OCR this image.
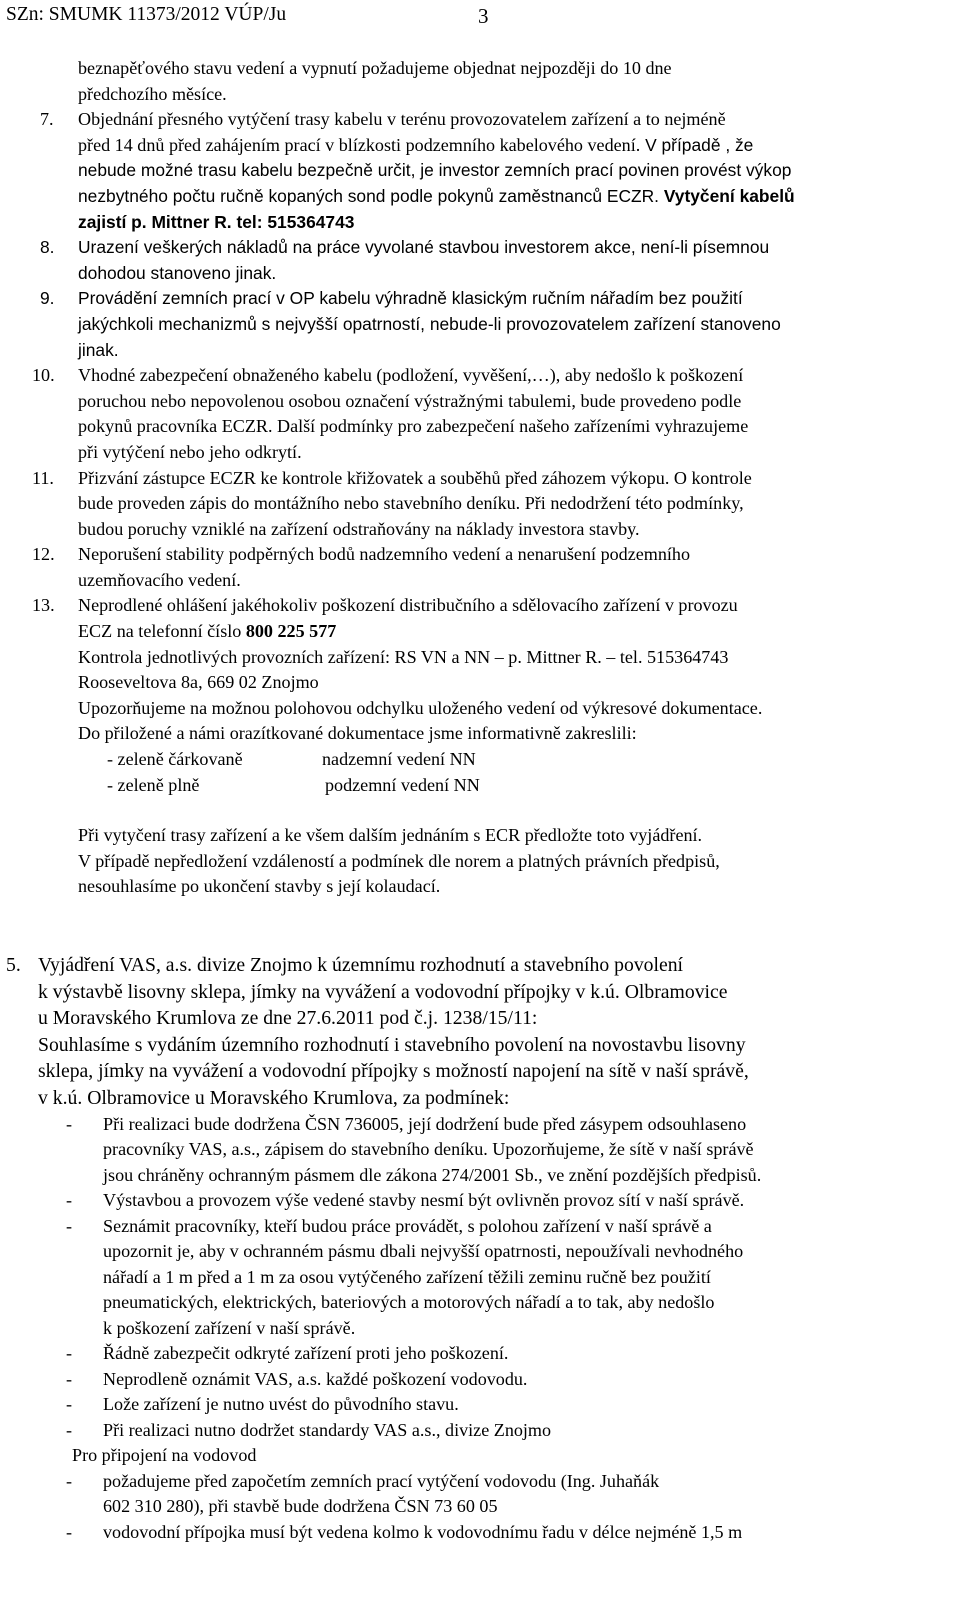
SZn: SMUMK 11373/2012 VÚP/Ju	3
beznapěťového stavu vedení a vypnutí požadujeme objednat nejpozději do 10 dne
předchozího měsíce.
7. Objednání přesného vytýčení trasy kabelu v terénu provozovatelem zařízení a to nejméně
před 14 dnů před zahájením prací v blízkosti podzemního kabelového vedení. V případě , že
nebude možné trasu kabelu bezpečně určit, je investor zemních prací povinen provést výkop
nezbytného počtu ručně kopaných sond podle pokynů zaměstnanců ECZR. Vytyčení kabelů
zajistí p. Mittner R. tel: 515364743
8. Urazení veškerých nákladů na práce vyvolané stavbou investorem akce, není-li písemnou
dohodou stanoveno jinak.
9. Provádění zemních prací v OP kabelu výhradně klasickým ručním nářadím bez použití
jakýchkoli mechanizmů s nejvyšší opatrností, nebude-li provozovatelem zařízení stanoveno
jinak.
10. Vhodné zabezpečení obnaženého kabelu (podložení, vyvěšení,…), aby nedošlo k poškození
poruchou nebo nepovolenou osobou označení výstražnými tabulemi, bude provedeno podle
pokynů pracovníka ECZR. Další podmínky pro zabezpečení našeho zařízeními vyhrazujeme
při vytýčení nebo jeho odkrytí.
11. Přizvání zástupce ECZR ke kontrole křižovatek a souběhů před záhozem výkopu. O kontrole
bude proveden zápis do montážního nebo stavebního deníku. Při nedodržení této podmínky,
budou poruchy vzniklé na zařízení odstraňovány na náklady investora stavby.
12. Neporušení stability podpěrných bodů nadzemního vedení a nenarušení podzemního
uzemňovacího vedení.
13. Neprodlené ohlášení jakéhokoliv poškození distribučního a sdělovacího zařízení v provozu
ECZ na telefonní číslo 800 225 577
Kontrola jednotlivých provozních zařízení: RS VN a NN – p. Mittner R. – tel. 515364743
Rooseveltova 8a, 669 02 Znojmo
Upozorňujeme na možnou polohovou odchylku uloženého vedení od výkresové dokumentace.
Do přiložené a námi orazítkované dokumentace jsme informativně zakreslili:
- zeleně čárkovaně	nadzemní vedení NN
- zeleně plně	podzemní vedení NN
Při vytyčení trasy zařízení a ke všem dalším jednáním s ECR předložte toto vyjádření.
V případě nepředložení vzdáleností a podmínek dle norem a platných právních předpisů,
nesouhlasíme po ukončení stavby s její kolaudací.
5. Vyjádření VAS, a.s. divize Znojmo k územnímu rozhodnutí a stavebního povolení
k výstavbě lisovny sklepa, jímky na vyvážení a vodovodní přípojky v k.ú. Olbramovice
u Moravského Krumlova ze dne 27.6.2011 pod č.j. 1238/15/11:
Souhlasíme s vydáním územního rozhodnutí i stavebního povolení na novostavbu lisovny
sklepa, jímky na vyvážení a vodovodní přípojky s možností napojení na sítě v naší správě,
v k.ú. Olbramovice u Moravského Krumlova, za podmínek:
- Při realizaci bude dodržena ČSN 736005, její dodržení bude před zásypem odsouhlaseno
pracovníky VAS, a.s., zápisem do stavebního deníku. Upozorňujeme, že sítě v naší správě
jsou chráněny ochranným pásmem dle zákona 274/2001 Sb., ve znění pozdějších předpisů.
- Výstavbou a provozem výše vedené stavby nesmí být ovlivněn provoz sítí v naší správě.
- Seznámit pracovníky, kteří budou práce provádět, s polohou zařízení v naší správě a
upozornit je, aby v ochranném pásmu dbali nejvyšší opatrnosti, nepoužívali nevhodného
nářadí a 1 m před a 1 m za osou vytýčeného zařízení těžili zeminu ručně bez použití
pneumatických, elektrických, bateriových a motorových nářadí a to tak, aby nedošlo
k poškození zařízení v naší správě.
- Řádně zabezpečit odkryté zařízení proti jeho poškození.
- Neprodleně oznámit VAS, a.s. každé poškození vodovodu.
- Lože zařízení je nutno uvést do původního stavu.
- Při realizaci nutno dodržet standardy VAS a.s., divize Znojmo
Pro připojení na vodovod
- požadujeme před započetím zemních prací vytýčení vodovodu (Ing. Juhaňák
602 310 280), při stavbě bude dodržena ČSN 73 60 05
- vodovodní přípojka musí být vedena kolmo k vodovodnímu řadu v délce nejméně 1,5 m
